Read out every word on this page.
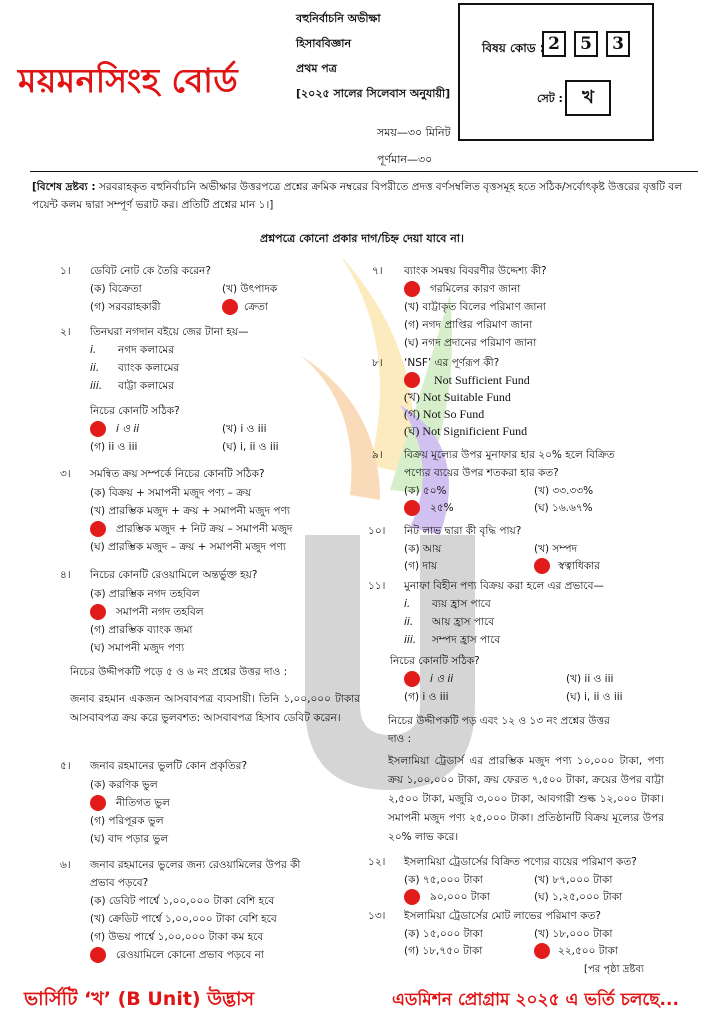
ময়মনসিংহ বোর্ড
বহুনির্বাচনি অভীক্ষা
হিসাববিজ্ঞান
প্রথম পত্র
[২০২৫ সালের সিলেবাস অনুযায়ী]
সময়—৩০ মিনিট
পূর্ণমান—৩০
বিষয় কোড : 2	5	3
সেট :	খ
[বিশেষ দ্রষ্টব্য : সরবরাহকৃত বহুনির্বাচনি অভীক্ষার উত্তরপত্রে প্রশ্নের ক্রমিক নম্বরের বিপরীতে প্রদত্ত বর্ণসম্বলিত বৃত্তসমূহ হতে সঠিক/সর্বোৎকৃষ্ট উত্তরের বৃত্তটি বল পয়েন্ট কলম দ্বারা সম্পূর্ণ ভরাট কর। প্রতিটি প্রশ্নের মান ১।]
প্রশ্নপত্রে কোনো প্রকার দাগ/চিহ্ন দেয়া যাবে না।
১। ডেবিট নোট কে তৈরি করেন?
(ক) বিক্রেতা	(খ) উৎপাদক
(গ) সরবরাহকারী	ক্রেতা
২। তিনঘরা নগদান বইয়ে জের টানা হয়—
i. নগদ কলামের
ii. ব্যাংক কলামের
iii. বাট্টা কলামের
নিচের কোনটি সঠিক?
i ও ii	(খ) i ও iii
(গ) ii ও iii	(ঘ) i, ii ও iii
৩। সমন্বিত ক্রয় সম্পর্কে নিচের কোনটি সঠিক?
(ক) বিক্রয় + সমাপনী মজুদ পণ্য – ক্রয়
(খ) প্রারম্ভিক মজুদ + ক্রয় + সমাপনী মজুদ পণ্য
প্রারম্ভিক মজুদ + নিট ক্রয় – সমাপনী মজুদ
(ঘ) প্রারম্ভিক মজুদ – ক্রয় + সমাপনী মজুদ পণ্য
৪। নিচের কোনটি রেওয়ামিলে অন্তর্ভুক্ত হয়?
(ক) প্রারম্ভিক নগদ তহবিল
সমাপনী নগদ তহবিল
(গ) প্রারম্ভিক ব্যাংক জমা
(ঘ) সমাপনী মজুদ পণ্য
নিচের উদ্দীপকটি পড়ে ৫ ও ৬ নং প্রশ্নের উত্তর দাও :
জনাব রহমান একজন আসবাবপত্র ব্যবসায়ী। তিনি ১,০০,০০০ টাকার আসবাবপত্র ক্রয় করে ভুলবশত: আসবাবপত্র হিসাব ডেবিট করেন।
৫। জনাব রহমানের ভুলটি কোন প্রকৃতির?
(ক) করণিক ভুল
নীতিগত ভুল
(গ) পরিপূরক ভুল
(ঘ) বাদ পড়ার ভুল
৬। জনাব রহমানের ভুলের জন্য রেওয়ামিলের উপর কী
প্রভাব পড়বে?
(ক) ডেবিট পার্শ্বে ১,০০,০০০ টাকা বেশি হবে
(খ) ক্রেডিট পার্শ্বে ১,০০,০০০ টাকা বেশি হবে
(গ) উভয় পার্শ্বে ১,০০,০০০ টাকা কম হবে
রেওয়ামিলে কোনো প্রভাব পড়বে না
৭। ব্যাংক সমন্বয় বিবরণীর উদ্দেশ্য কী?
গরমিলের কারণ জানা
(খ) বাট্টাকৃত বিলের পরিমাণ জানা
(গ) নগদ প্রাপ্তির পরিমাণ জানা
(ঘ) নগদ প্রদানের পরিমাণ জানা
৮। ‘NSF’ এর পূর্ণরূপ কী?
Not Sufficient Fund
(খ) Not Suitable Fund
(গ) Not So Fund
(ঘ) Not Significient Fund
৯। বিক্রয় মূল্যের উপর মুনাফার হার ২০% হলে বিক্রিত
পণ্যের ব্যয়ের উপর শতকরা হার কত?
(ক) ৫০%	(খ) ৩৩.৩৩%
২৫%	(ঘ) ১৬.৬৭%
১০। নিট লাভ দ্বারা কী বৃদ্ধি পায়?
(ক) আয়	(খ) সম্পদ
(গ) দায়	স্বত্বাধিকার
১১। মুনাফা বিহীন পণ্য বিক্রয় করা হলে এর প্রভাবে—
i. ব্যয় হ্রাস পাবে
ii. আয় হ্রাস পাবে
iii. সম্পদ হ্রাস পাবে
নিচের কোনটি সঠিক?
i ও ii	(খ) ii ও iii
(গ) i ও iii	(ঘ) i, ii ও iii
নিচের উদ্দীপকটি পড় এবং ১২ ও ১৩ নং প্রশ্নের উত্তর
দাও :
ইসলামিয়া ট্রেডার্স এর প্রারম্ভিক মজুদ পণ্য ১০,০০০ টাকা, পণ্য ক্রয় ১,০০,০০০ টাকা, ক্রয় ফেরত ৭,৫০০ টাকা, ক্রয়ের উপর বাট্টা ২,৫০০ টাকা, মজুরি ৩,০০০ টাকা, আবগারী শুল্ক ১২,০০০ টাকা। সমাপনী মজুদ পণ্য ২৫,০০০ টাকা। প্রতিষ্ঠানটি বিক্রয় মূল্যের উপর ২০% লাভ করে।
১২। ইসলামিয়া ট্রেডার্সের বিক্রিত পণ্যের ব্যয়ের পরিমাণ কত?
(ক) ৭৫,০০০ টাকা	(খ) ৮৭,০০০ টাকা
৯০,০০০ টাকা	(ঘ) ১,২৫,০০০ টাকা
১৩। ইসলামিয়া ট্রেডার্সের মোট লাভের পরিমাণ কত?
(ক) ১৫,০০০ টাকা	(খ) ১৮,০০০ টাকা
(গ) ১৮,৭৫০ টাকা	২২,৫০০ টাকা
[পর পৃষ্ঠা দ্রষ্টব্য
ভার্সিটি ‘খ’ (B Unit) উদ্ভাস	এডমিশন প্রোগ্রাম ২০২৫ এ ভর্তি চলছে...
